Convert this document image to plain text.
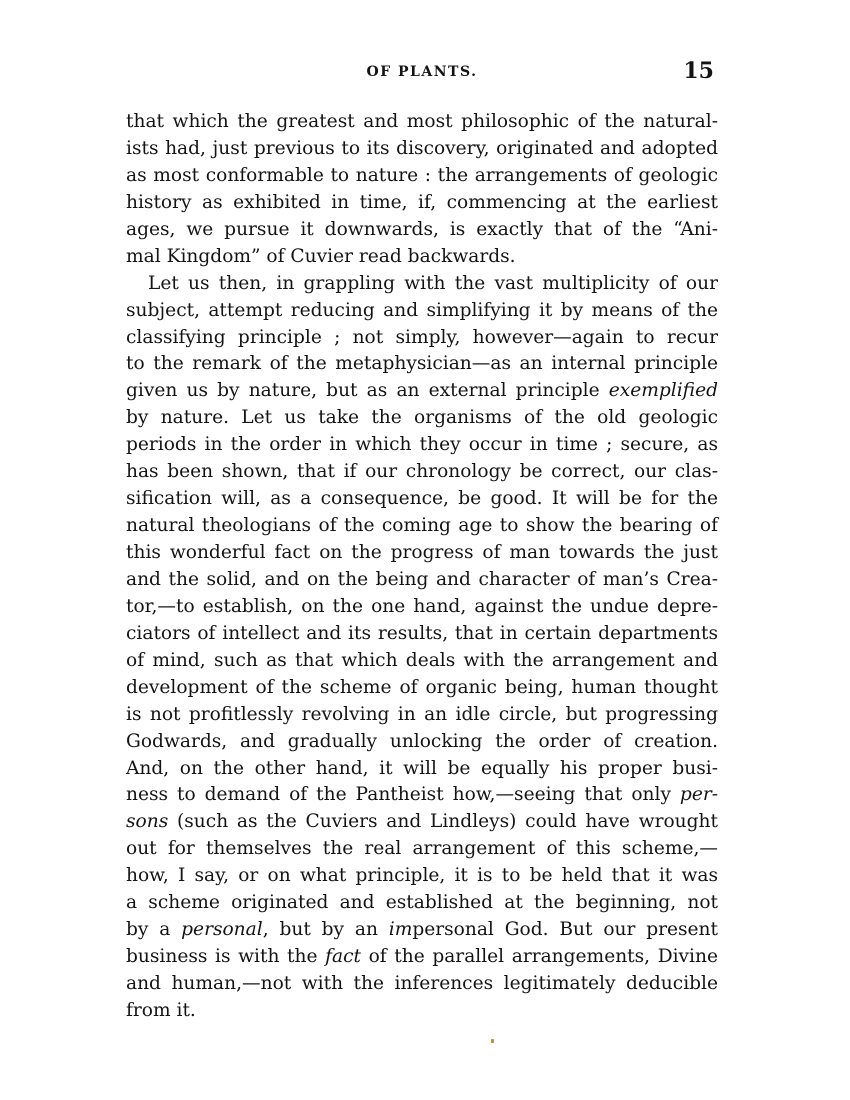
OF PLANTS.	15
that which the greatest and most philosophic of the natural-
ists had, just previous to its discovery, originated and adopted
as most conformable to nature : the arrangements of geologic
history as exhibited in time, if, commencing at the earliest
ages, we pursue it downwards, is exactly that of the “Ani-
mal Kingdom” of Cuvier read backwards.
Let us then, in grappling with the vast multiplicity of our
subject, attempt reducing and simplifying it by means of the
classifying principle ; not simply, however—again to recur
to the remark of the metaphysician—as an internal principle
given us by nature, but as an external principle exemplified
by nature. Let us take the organisms of the old geologic
periods in the order in which they occur in time ; secure, as
has been shown, that if our chronology be correct, our clas-
sification will, as a consequence, be good. It will be for the
natural theologians of the coming age to show the bearing of
this wonderful fact on the progress of man towards the just
and the solid, and on the being and character of man’s Crea-
tor,—to establish, on the one hand, against the undue depre-
ciators of intellect and its results, that in certain departments
of mind, such as that which deals with the arrangement and
development of the scheme of organic being, human thought
is not profitlessly revolving in an idle circle, but progressing
Godwards, and gradually unlocking the order of creation.
And, on the other hand, it will be equally his proper busi-
ness to demand of the Pantheist how,—seeing that only per-
sons (such as the Cuviers and Lindleys) could have wrought
out for themselves the real arrangement of this scheme,—
how, I say, or on what principle, it is to be held that it was
a scheme originated and established at the beginning, not
by a personal, but by an impersonal God. But our present
business is with the fact of the parallel arrangements, Divine
and human,—not with the inferences legitimately deducible
from it.
